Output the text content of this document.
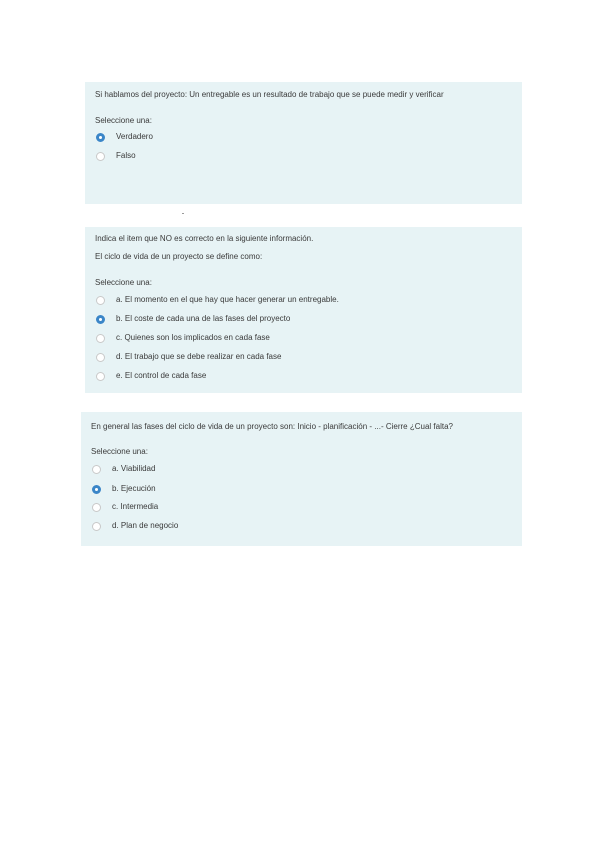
Si hablamos del proyecto: Un entregable es un resultado de trabajo que se puede medir y verificar
Seleccione una:
Verdadero
Falso
Indica el item que NO es correcto en la siguiente información.
El ciclo de vida de un proyecto se define como:
Seleccione una:
a. El momento en el que hay que hacer generar un entregable.
b. El coste de cada una de las fases del proyecto
c. Quienes son los implicados en cada fase
d. El trabajo que se debe realizar en cada fase
e. El control de cada fase
En general las fases del ciclo de vida de un proyecto son: Inicio - planificación - ...- Cierre ¿Cual falta?
Seleccione una:
a. Viabilidad
b. Ejecución
c. Intermedia
d. Plan de negocio
